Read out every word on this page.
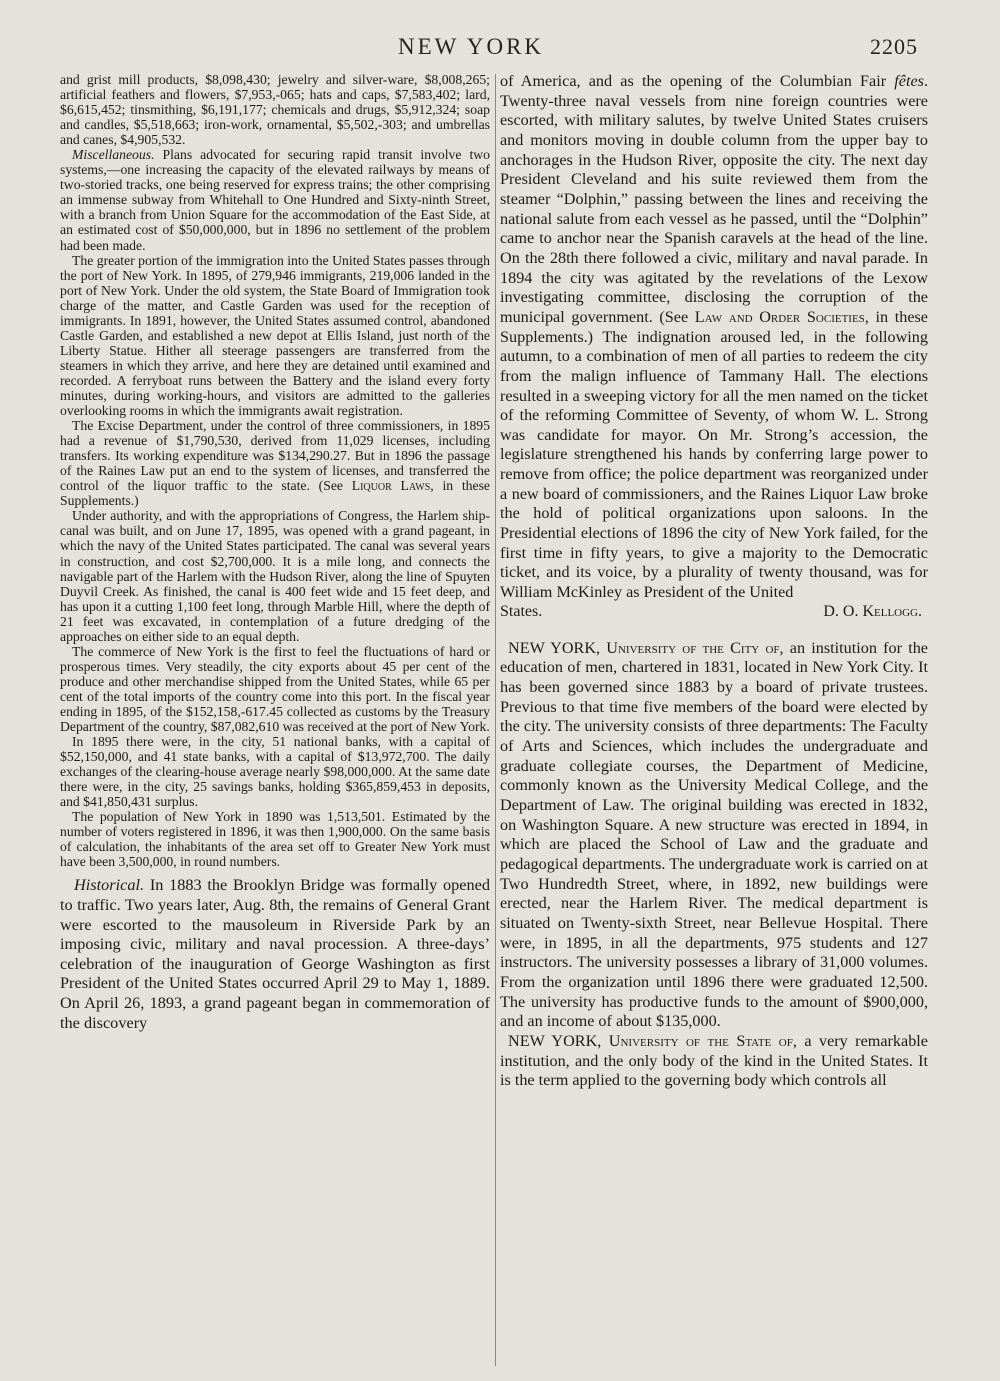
NEW YORK	2205

and grist mill products, $8,098,430; jewelry and silver-ware, $8,008,265; artificial feathers and flowers, $7,953,-065; hats and caps, $7,583,402; lard, $6,615,452; tinsmithing, $6,191,177; chemicals and drugs, $5,912,324; soap and candles, $5,518,663; iron-work, ornamental, $5,502,-303; and umbrellas and canes, $4,905,532.

Miscellaneous. Plans advocated for securing rapid transit involve two systems,—one increasing the capacity of the elevated railways by means of two-storied tracks, one being reserved for express trains; the other comprising an immense subway from Whitehall to One Hundred and Sixty-ninth Street, with a branch from Union Square for the accommodation of the East Side, at an estimated cost of $50,000,000, but in 1896 no settlement of the problem had been made.

The greater portion of the immigration into the United States passes through the port of New York. In 1895, of 279,946 immigrants, 219,006 landed in the port of New York. Under the old system, the State Board of Immigration took charge of the matter, and Castle Garden was used for the reception of immigrants. In 1891, however, the United States assumed control, abandoned Castle Garden, and established a new depot at Ellis Island, just north of the Liberty Statue. Hither all steerage passengers are transferred from the steamers in which they arrive, and here they are detained until examined and recorded. A ferryboat runs between the Battery and the island every forty minutes, during working-hours, and visitors are admitted to the galleries overlooking rooms in which the immigrants await registration.

The Excise Department, under the control of three commissioners, in 1895 had a revenue of $1,790,530, derived from 11,029 licenses, including transfers. Its working expenditure was $134,290.27. But in 1896 the passage of the Raines Law put an end to the system of licenses, and transferred the control of the liquor traffic to the state. (See Liquor Laws, in these Supplements.)

Under authority, and with the appropriations of Congress, the Harlem ship-canal was built, and on June 17, 1895, was opened with a grand pageant, in which the navy of the United States participated. The canal was several years in construction, and cost $2,700,000. It is a mile long, and connects the navigable part of the Harlem with the Hudson River, along the line of Spuyten Duyvil Creek. As finished, the canal is 400 feet wide and 15 feet deep, and has upon it a cutting 1,100 feet long, through Marble Hill, where the depth of 21 feet was excavated, in contemplation of a future dredging of the approaches on either side to an equal depth.

The commerce of New York is the first to feel the fluctuations of hard or prosperous times. Very steadily, the city exports about 45 per cent of the produce and other merchandise shipped from the United States, while 65 per cent of the total imports of the country come into this port. In the fiscal year ending in 1895, of the $152,158,-617.45 collected as customs by the Treasury Department of the country, $87,082,610 was received at the port of New York.

In 1895 there were, in the city, 51 national banks, with a capital of $52,150,000, and 41 state banks, with a capital of $13,972,700. The daily exchanges of the clearing-house average nearly $98,000,000. At the same date there were, in the city, 25 savings banks, holding $365,859,453 in deposits, and $41,850,431 surplus.

The population of New York in 1890 was 1,513,501. Estimated by the number of voters registered in 1896, it was then 1,900,000. On the same basis of calculation, the inhabitants of the area set off to Greater New York must have been 3,500,000, in round numbers.

Historical. In 1883 the Brooklyn Bridge was formally opened to traffic. Two years later, Aug. 8th, the remains of General Grant were escorted to the mausoleum in Riverside Park by an imposing civic, military and naval procession. A three-days’ celebration of the inauguration of George Washington as first President of the United States occurred April 29 to May 1, 1889. On April 26, 1893, a grand pageant began in commemoration of the discovery

of America, and as the opening of the Columbian Fair fêtes. Twenty-three naval vessels from nine foreign countries were escorted, with military salutes, by twelve United States cruisers and monitors moving in double column from the upper bay to anchorages in the Hudson River, opposite the city. The next day President Cleveland and his suite reviewed them from the steamer “Dolphin,” passing between the lines and receiving the national salute from each vessel as he passed, until the “Dolphin” came to anchor near the Spanish caravels at the head of the line. On the 28th there followed a civic, military and naval parade. In 1894 the city was agitated by the revelations of the Lexow investigating committee, disclosing the corruption of the municipal government. (See Law and Order Societies, in these Supplements.) The indignation aroused led, in the following autumn, to a combination of men of all parties to redeem the city from the malign influence of Tammany Hall. The elections resulted in a sweeping victory for all the men named on the ticket of the reforming Committee of Seventy, of whom W. L. Strong was candidate for mayor. On Mr. Strong’s accession, the legislature strengthened his hands by conferring large power to remove from office; the police department was reorganized under a new board of commissioners, and the Raines Liquor Law broke the hold of political organizations upon saloons. In the Presidential elections of 1896 the city of New York failed, for the first time in fifty years, to give a majority to the Democratic ticket, and its voice, by a plurality of twenty thousand, was for William McKinley as President of the United

States.	D. O. Kellogg.

NEW YORK, University of the City of, an institution for the education of men, chartered in 1831, located in New York City. It has been governed since 1883 by a board of private trustees. Previous to that time five members of the board were elected by the city. The university consists of three departments: The Faculty of Arts and Sciences, which includes the undergraduate and graduate collegiate courses, the Department of Medicine, commonly known as the University Medical College, and the Department of Law. The original building was erected in 1832, on Washington Square. A new structure was erected in 1894, in which are placed the School of Law and the graduate and pedagogical departments. The undergraduate work is carried on at Two Hundredth Street, where, in 1892, new buildings were erected, near the Harlem River. The medical department is situated on Twenty-sixth Street, near Bellevue Hospital. There were, in 1895, in all the departments, 975 students and 127 instructors. The university possesses a library of 31,000 volumes. From the organization until 1896 there were graduated 12,500. The university has productive funds to the amount of $900,000, and an income of about $135,000.

NEW YORK, University of the State of, a very remarkable institution, and the only body of the kind in the United States. It is the term applied to the governing body which controls all
